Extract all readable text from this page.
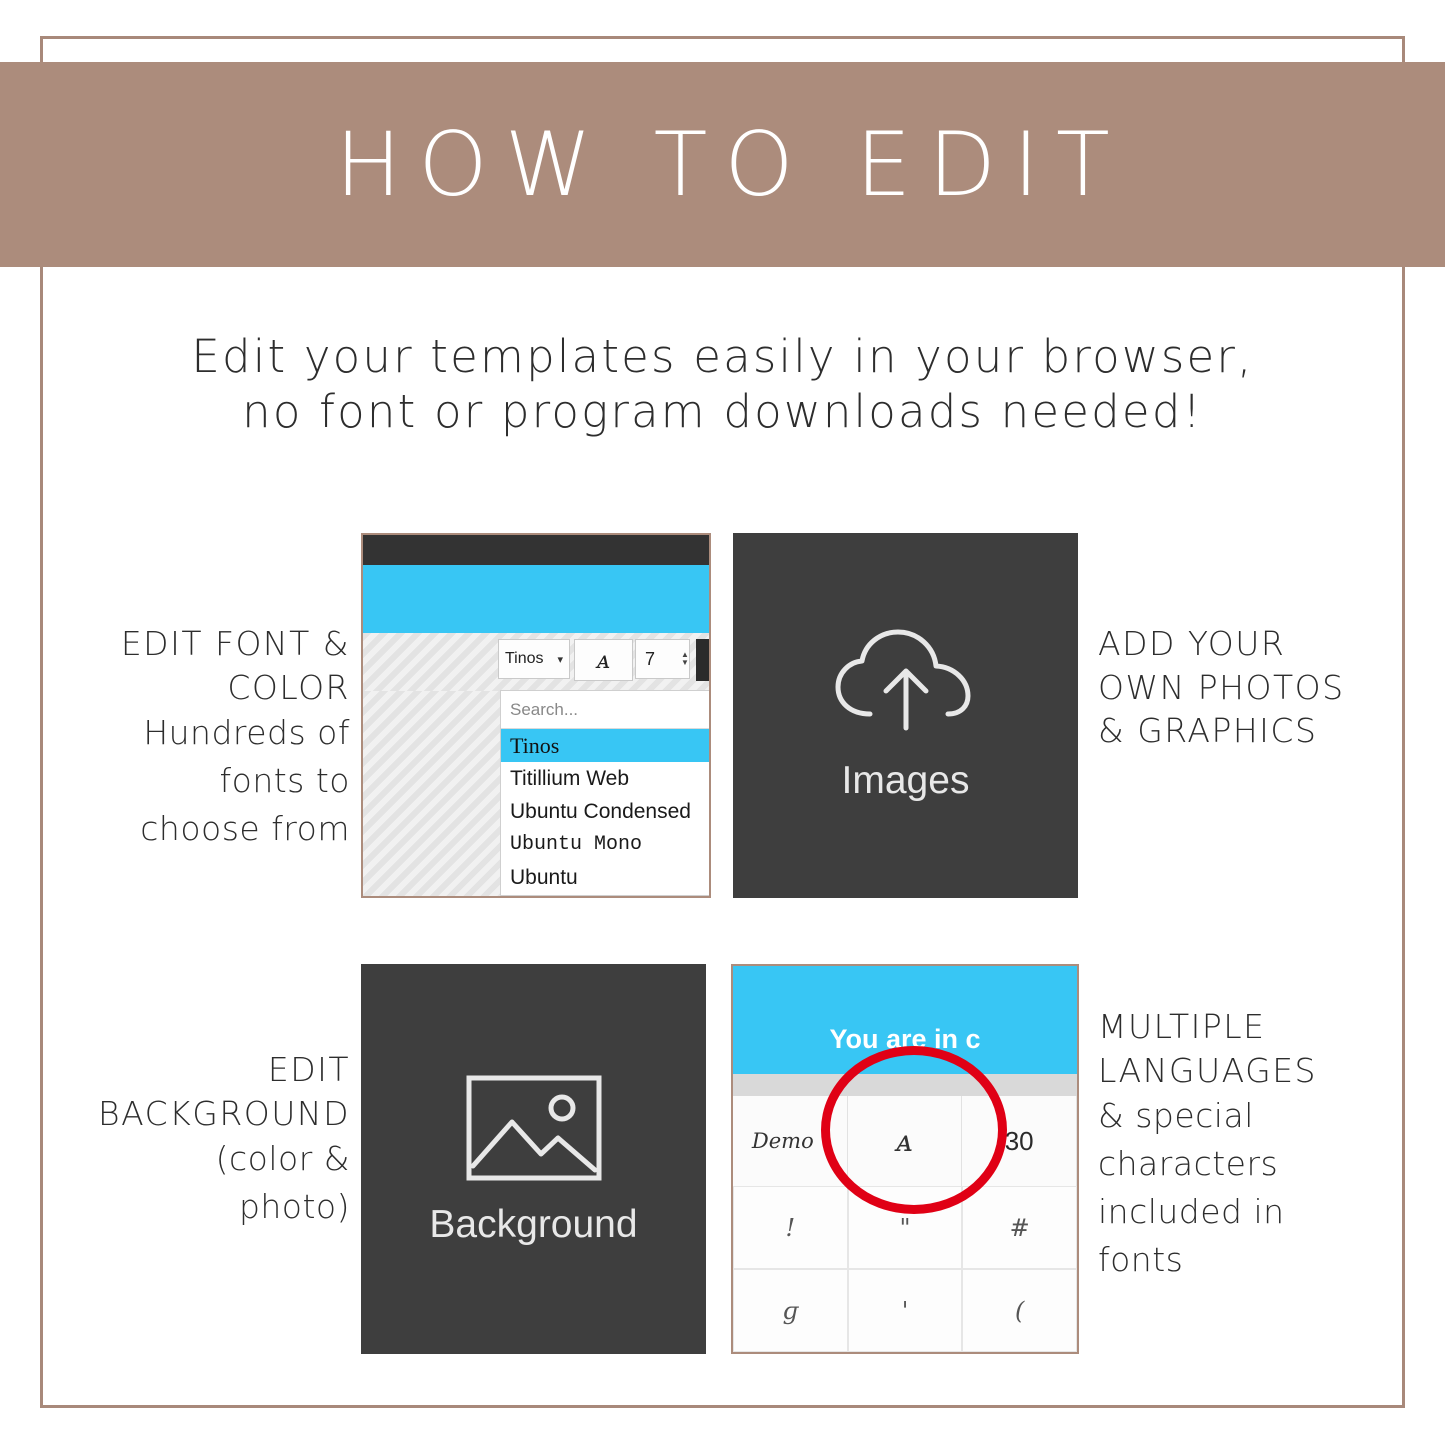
HOW TO EDIT
Edit your templates easily in your browser,
no font or program downloads needed!
Tinos ▾	ᴀ	7	▲
▼
Search...
Tinos
Titillium Web
Ubuntu Condensed
Ubuntu Mono
Ubuntu
EDIT FONT &
COLOR
Hundreds of
fonts to
choose from
Images
ADD YOUR
OWN PHOTOS
& GRAPHICS
Background
EDIT
BACKGROUND
(color &
photo)
You are in c
Demo ▾	ᴀ	30
!	"	#
ɡ	'	(
MULTIPLE
LANGUAGES
& special
characters
included in
fonts
